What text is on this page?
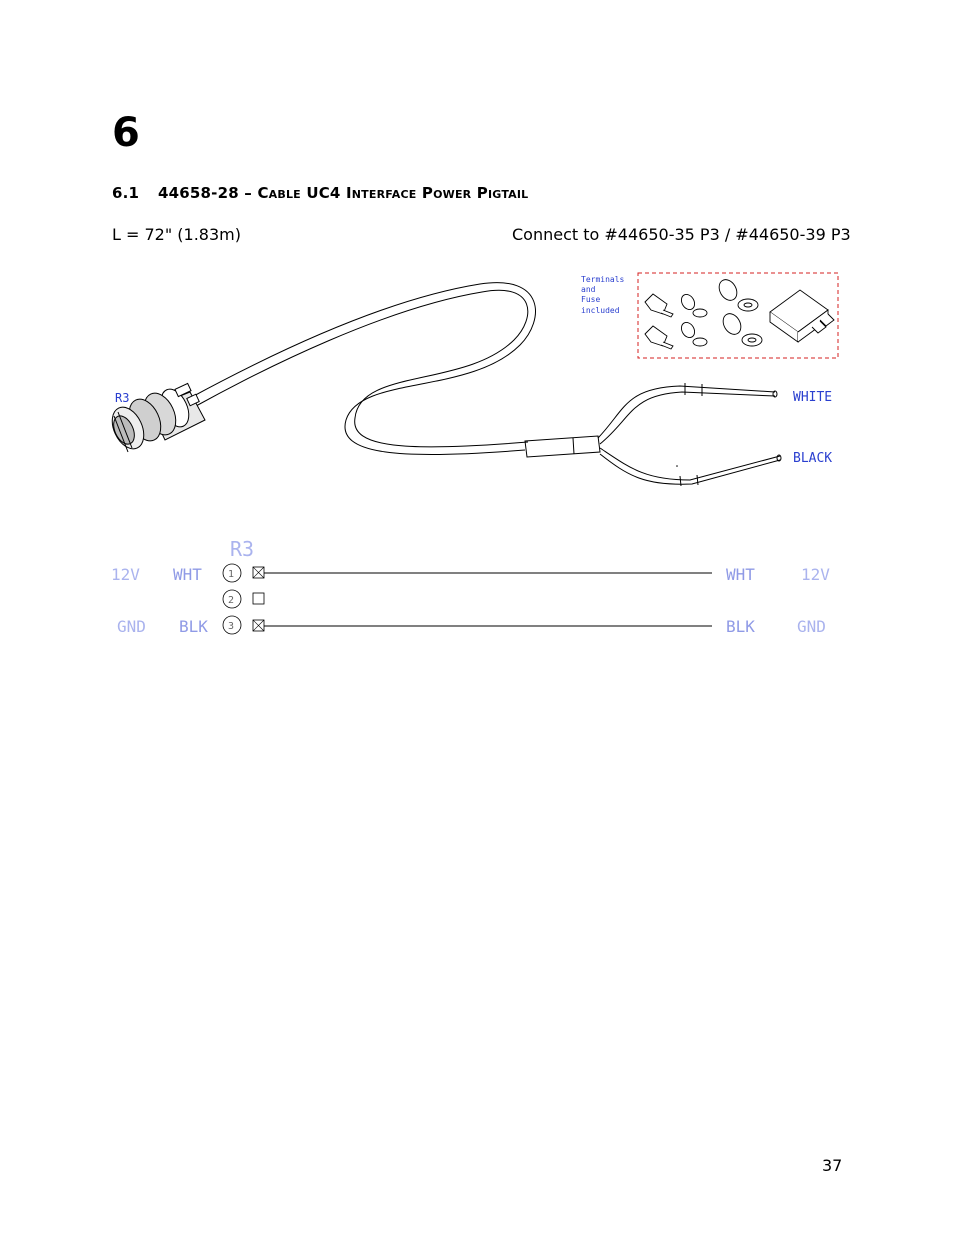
6
6.1 44658-28 – Cable UC4 Interface Power Pigtail
L = 72" (1.83m)	Connect to #44650-35 P3 / #44650-39 P3
R3	WHITE
BLACK
Terminals
and
Fuse
included
R3
12V WHT	1	WHT	12V
2
GND BLK 3	BLK	GND
37
